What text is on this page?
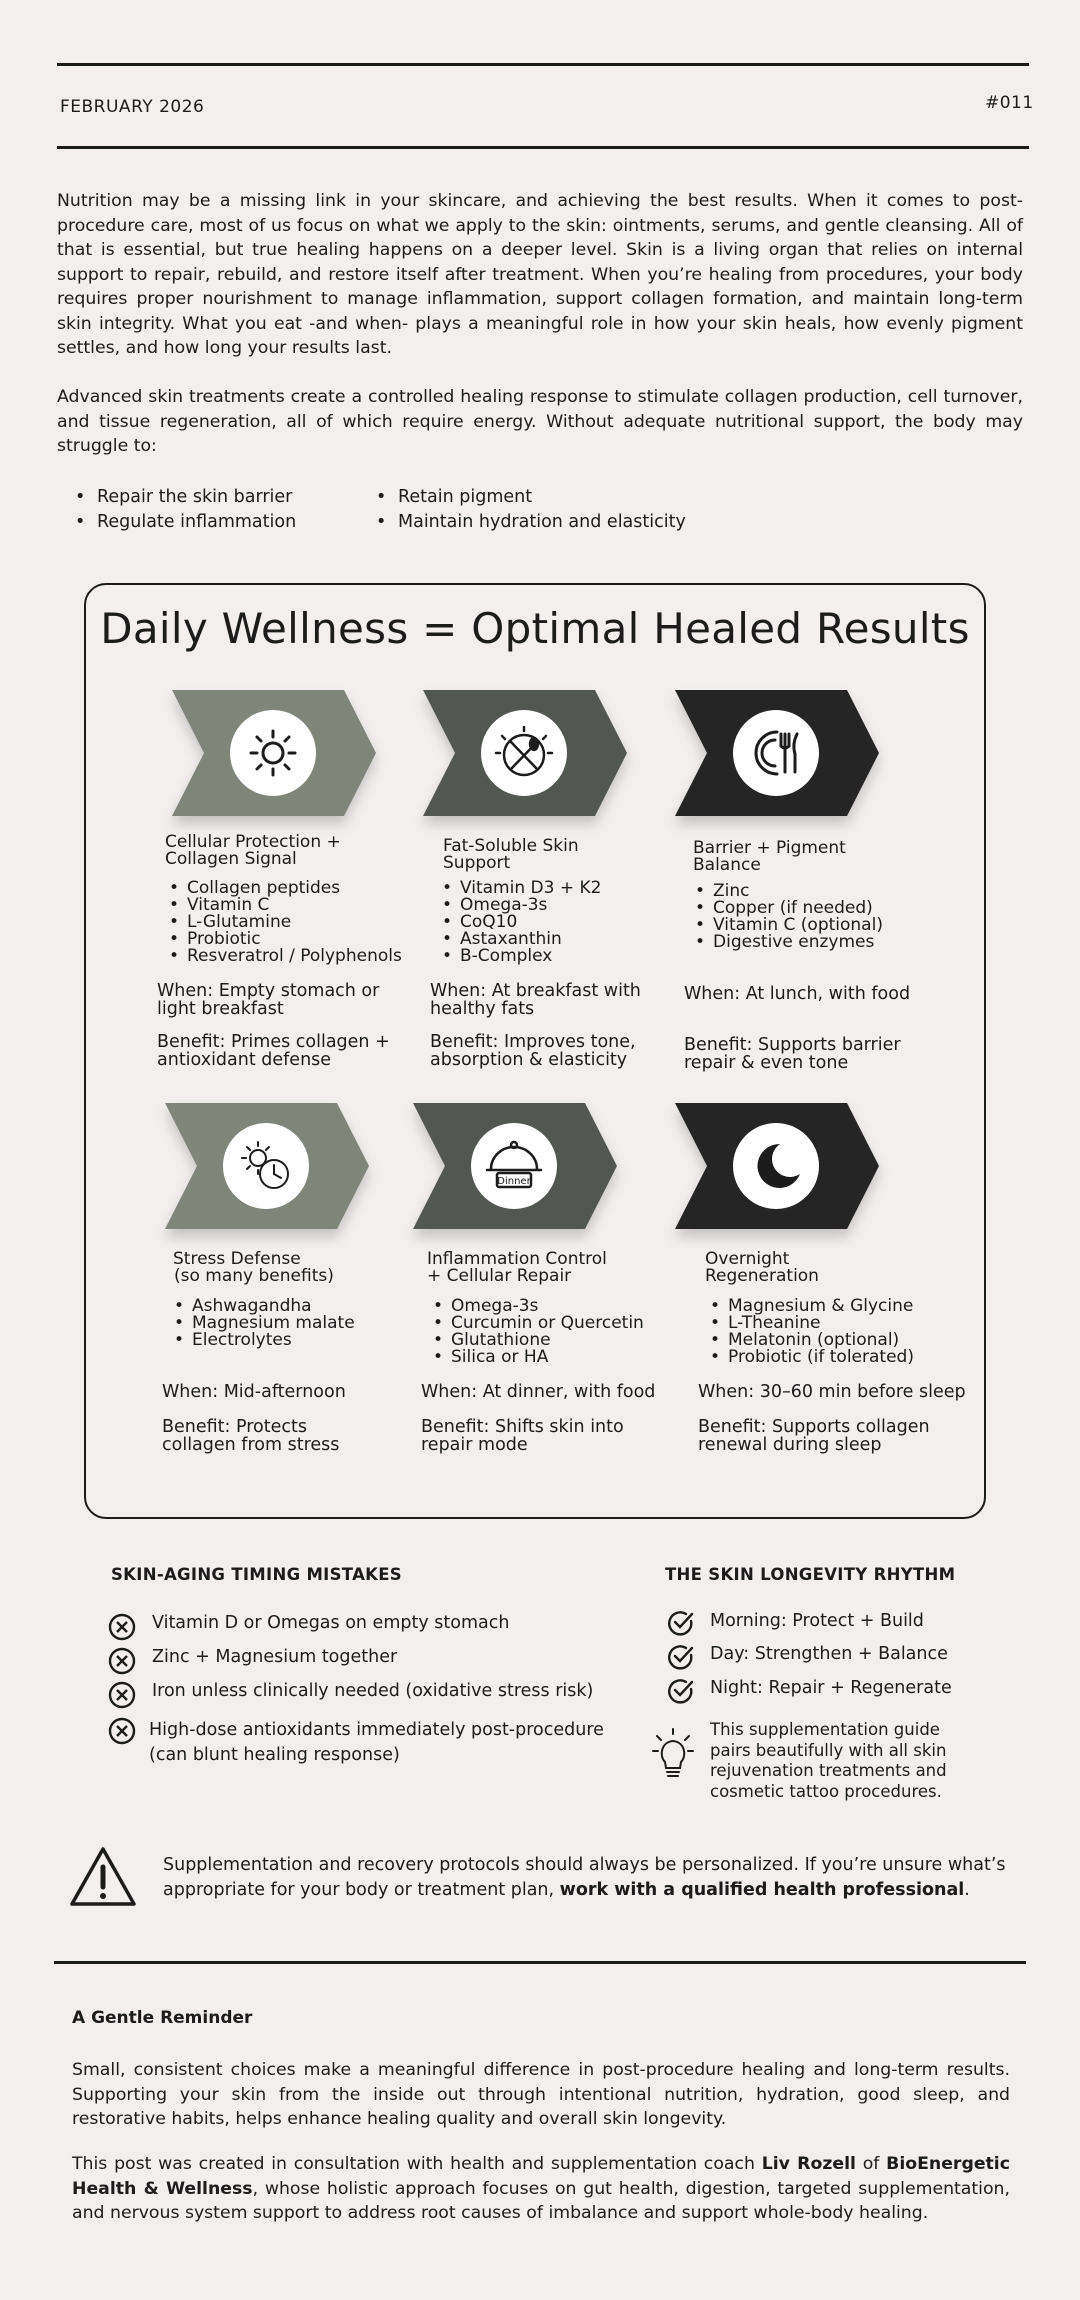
FEBRUARY 2026	#011
Nutrition may be a missing link in your skincare, and achieving the best results. When it comes to post-procedure care, most of us focus on what we apply to the skin: ointments, serums, and gentle cleansing. All of that is essential, but true healing happens on a deeper level. Skin is a living organ that relies on internal support to repair, rebuild, and restore itself after treatment. When you’re healing from procedures, your body requires proper nourishment to manage inflammation, support collagen formation, and maintain long-term skin integrity. What you eat -and when- plays a meaningful role in how your skin heals, how evenly pigment settles, and how long your results last.
Advanced skin treatments create a controlled healing response to stimulate collagen production, cell turnover, and tissue regeneration, all of which require energy. Without adequate nutritional support, the body may struggle to:
• Repair the skin barrier
• Regulate inflammation
• Retain pigment
• Maintain hydration and elasticity
Daily Wellness = Optimal Healed Results
Cellular Protection +
Collagen Signal
• Collagen peptides
• Vitamin C
• L-Glutamine
• Probiotic
• Resveratrol / Polyphenols
When: Empty stomach or
light breakfast
Benefit: Primes collagen +
antioxidant defense
Fat-Soluble Skin
Support
• Vitamin D3 + K2
• Omega-3s
• CoQ10
• Astaxanthin
• B-Complex
When: At breakfast with
healthy fats
Benefit: Improves tone,
absorption & elasticity
Barrier + Pigment
Balance
• Zinc
• Copper (if needed)
• Vitamin C (optional)
• Digestive enzymes
When: At lunch, with food
Benefit: Supports barrier
repair & even tone
Stress Defense
(so many benefits)
• Ashwagandha
• Magnesium malate
• Electrolytes
When: Mid-afternoon
Benefit: Protects
collagen from stress
Dinner
Inflammation Control
+ Cellular Repair
• Omega-3s
• Curcumin or Quercetin
• Glutathione
• Silica or HA
When: At dinner, with food
Benefit: Shifts skin into
repair mode
Overnight
Regeneration
• Magnesium & Glycine
• L-Theanine
• Melatonin (optional)
• Probiotic (if tolerated)
When: 30–60 min before sleep
Benefit: Supports collagen
renewal during sleep
SKIN-AGING TIMING MISTAKES
Vitamin D or Omegas on empty stomach
Zinc + Magnesium together
Iron unless clinically needed (oxidative stress risk)
High-dose antioxidants immediately post-procedure
(can blunt healing response)
THE SKIN LONGEVITY RHYTHM
Morning: Protect + Build
Day: Strengthen + Balance
Night: Repair + Regenerate
This supplementation guide
pairs beautifully with all skin
rejuvenation treatments and
cosmetic tattoo procedures.
Supplementation and recovery protocols should always be personalized. If you’re unsure what’s
appropriate for your body or treatment plan, work with a qualified health professional.
A Gentle Reminder
Small, consistent choices make a meaningful difference in post-procedure healing and long-term results. Supporting your skin from the inside out through intentional nutrition, hydration, good sleep, and restorative habits, helps enhance healing quality and overall skin longevity.
This post was created in consultation with health and supplementation coach Liv Rozell of BioEnergetic Health & Wellness, whose holistic approach focuses on gut health, digestion, targeted supplementation, and nervous system support to address root causes of imbalance and support whole-body healing.
